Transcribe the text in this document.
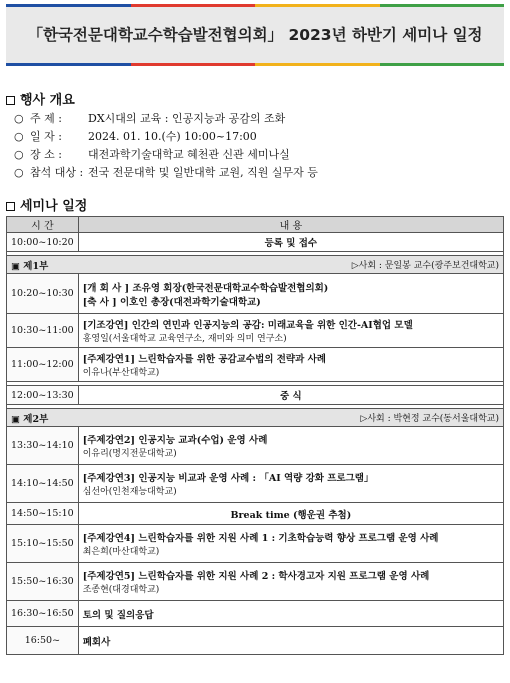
「한국전문대학교수학습발전협의회」 2023년 하반기 세미나 일정
행사 개요
○ 주 제 : DX시대의 교육 : 인공지능과 공감의 조화
○ 일 자 : 2024. 01. 10.(수) 10:00~17:00
○ 장 소 : 대전과학기술대학교 혜천관 신관 세미나실
○ 참석 대상 : 전국 전문대학 및 일반대학 교원, 직원 실무자 등
세미나 일정
시 간	내 용
10:00~10:20	등록 및 접수

▣ 제1부 ▷사회 : 문일봉 교수(광주보건대학교)	

10:20~10:30	[개 회 사 ] 조유영 회장(한국전문대학교수학습발전협의회)
[축 사 ] 이호인 총장(대전과학기술대학교)

10:30~11:00	[기조강연] 인간의 연민과 인공지능의 공감: 미래교육을 위한 인간-AI협업 모델
홍영일(서울대학교 교육연구소, 재미와 의미 연구소)

11:00~12:00	[주제강연1] 느린학습자를 위한 공감교수법의 전략과 사례
이유나(부산대학교)

12:00~13:30	중 식

▣ 제2부 ▷사회 : 박현정 교수(동서울대학교)	

13:30~14:10	[주제강연2] 인공지능 교과(수업) 운영 사례
이유리(명지전문대학교)

14:10~14:50	[주제강연3] 인공지능 비교과 운영 사례 : 「AI 역량 강화 프로그램」
심선아(인천재능대학교)

14:50~15:10	Break time (행운권 추첨)
15:10~15:50	[주제강연4] 느린학습자를 위한 지원 사례 1 : 기초학습능력 향상 프로그램 운영 사례
최은희(마산대학교)

15:50~16:30	[주제강연5] 느린학습자를 위한 지원 사례 2 : 학사경고자 지원 프로그램 운영 사례
조종현(대경대학교)

16:30~16:50	토의 및 질의응답
16:50~	폐회사
